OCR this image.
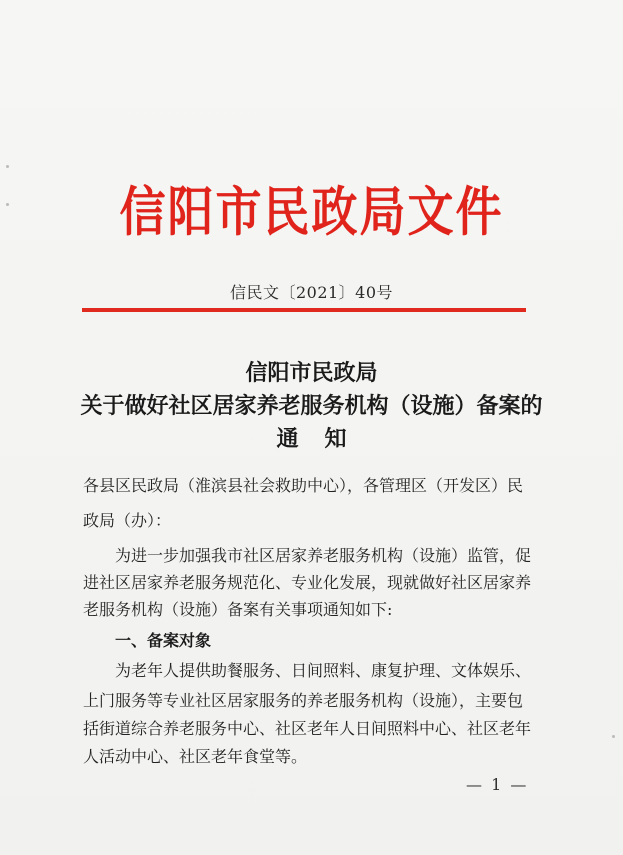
信阳市民政局文件
信民文〔2021〕40号
信阳市民政局
关于做好社区居家养老服务机构（设施）备案的
通知
各县区民政局（淮滨县社会救助中心），各管理区（开发区）民
政局（办）：
为进一步加强我市社区居家养老服务机构（设施）监管，促
进社区居家养老服务规范化、专业化发展，现就做好社区居家养
老服务机构（设施）备案有关事项通知如下:
一、备案对象
为老年人提供助餐服务、日间照料、康复护理、文体娱乐、
上门服务等专业社区居家服务的养老服务机构（设施），主要包
括街道综合养老服务中心、社区老年人日间照料中心、社区老年
人活动中心、社区老年食堂等。
— 1 —
